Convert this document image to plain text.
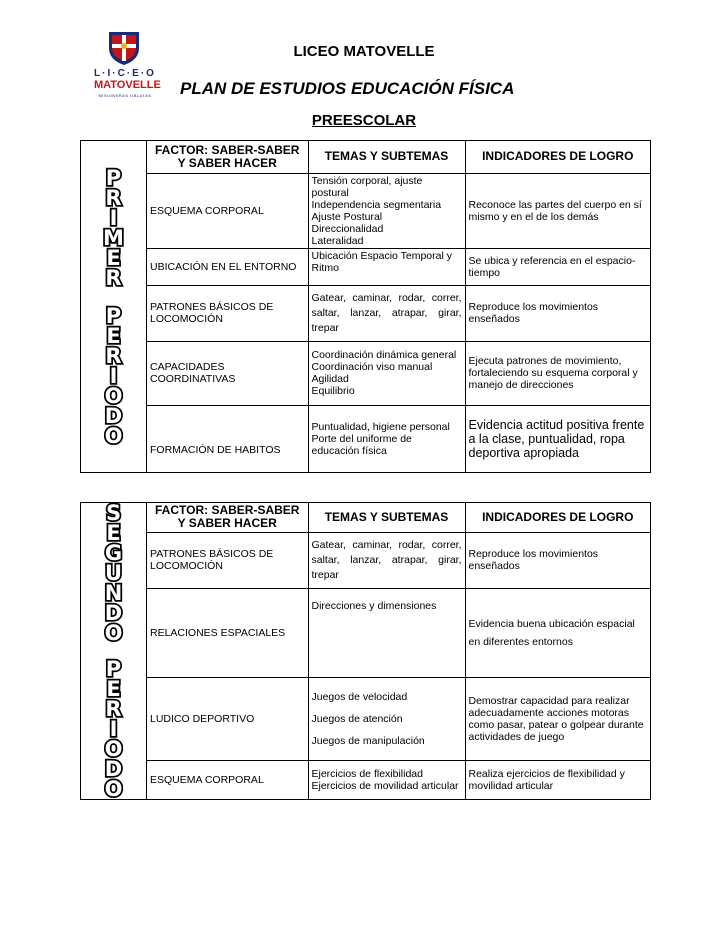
L·I·C·E·O
MATOVELLE
MISIONERAS OBLATAS
LICEO MATOVELLE
PLAN DE ESTUDIOS EDUCACIÓN FÍSICA
PREESCOLAR
P
R
I
M
E
R
P
E
R
I
O
D
O
FACTOR: SABER-SABER Y SABER HACER	TEMAS Y SUBTEMAS	INDICADORES DE LOGRO
ESQUEMA CORPORAL	Tensión corporal, ajuste postural
Independencia segmentaria
Ajuste Postural
Direccionalidad
Lateralidad	Reconoce las partes del cuerpo en sí mismo y en el de los demás
UBICACIÓN EN EL ENTORNO	Ubicación Espacio Temporal y Ritmo	Se ubica y referencia en el espacio-tiempo
PATRONES BÁSICOS DE LOCOMOCIÓN	Gatear, caminar, rodar, correr, saltar, lanzar, atrapar, girar, trepar	Reproduce los movimientos enseñados
CAPACIDADES COORDINATIVAS	Coordinación dinámica general
Coordinación viso manual
Agilidad
Equilibrio	Ejecuta patrones de movimiento, fortaleciendo su esquema corporal y manejo de direcciones
FORMACIÓN DE HABITOS	Puntualidad, higiene personal
Porte del uniforme de educación física	Evidencia actitud positiva frente a la clase, puntualidad, ropa deportiva apropiada
S
E
G
U
N
D
O
P
E
R
I
O
D
O
FACTOR: SABER-SABER Y SABER HACER	TEMAS Y SUBTEMAS	INDICADORES DE LOGRO
PATRONES BÁSICOS DE LOCOMOCIÓN	Gatear, caminar, rodar, correr, saltar, lanzar, atrapar, girar, trepar	Reproduce los movimientos enseñados
RELACIONES ESPACIALES	Direcciones y dimensiones	Evidencia buena ubicación espacial en diferentes entornos
LUDICO DEPORTIVO	Juegos de velocidad
Juegos de atención
Juegos de manipulación	Demostrar capacidad para realizar adecuadamente acciones motoras como pasar, patear o golpear durante actividades de juego
ESQUEMA CORPORAL	Ejercicios de flexibilidad
Ejercicios de movilidad articular	Realiza ejercicios de flexibilidad y movilidad articular
